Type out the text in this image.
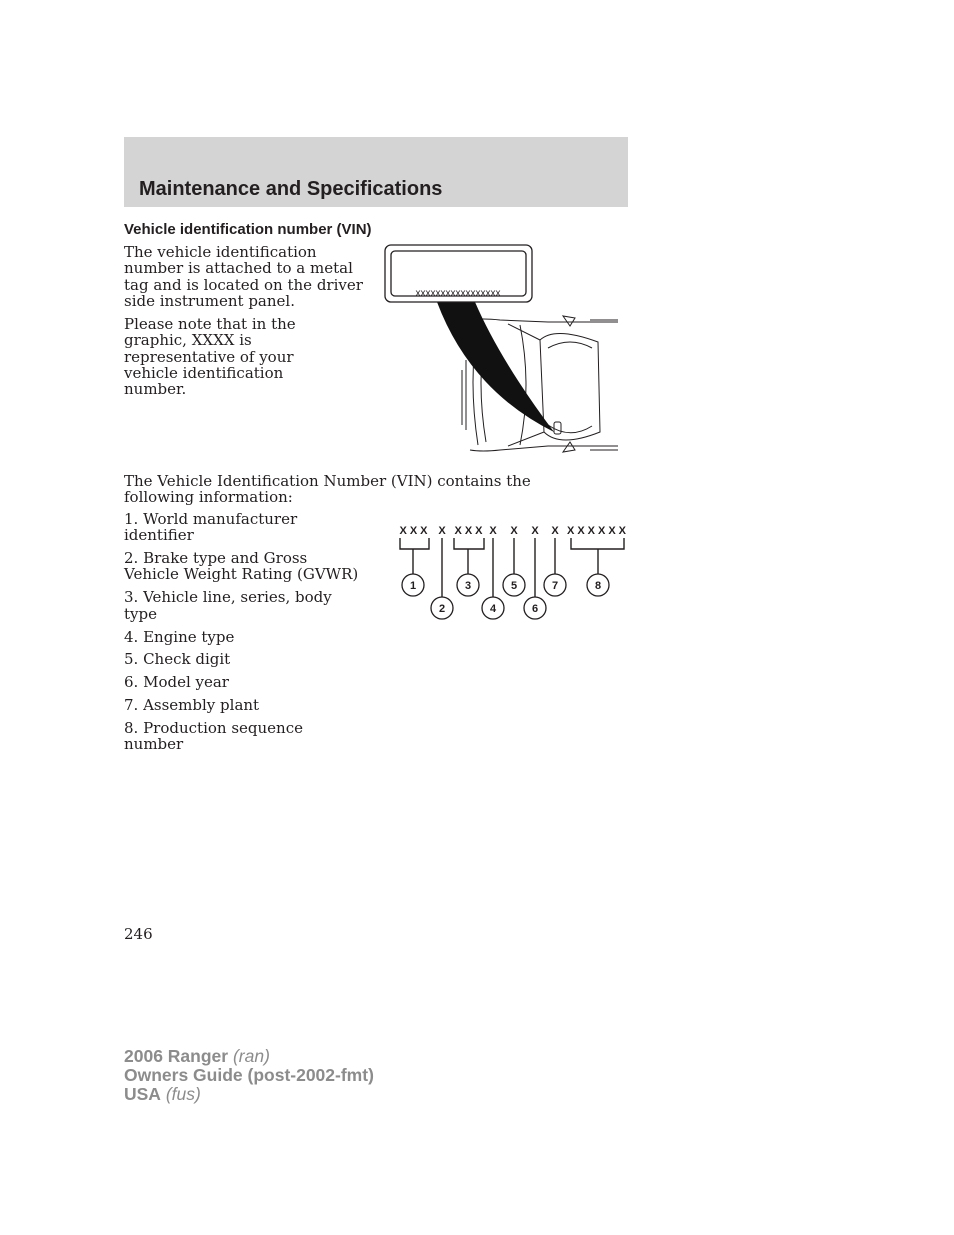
Maintenance and Specifications
Vehicle identification number (VIN)

The vehicle identification number is attached to a metal tag and is located on the driver side instrument panel.

Please note that in the graphic, XXXX is representative of your vehicle identification number.

xxxxxxxxxxxxxxxxx

The Vehicle Identification Number (VIN) contains the following information:

1. World manufacturer identifier
2. Brake type and Gross Vehicle Weight Rating (GVWR)
3. Vehicle line, series, body type
4. Engine type
5. Check digit
6. Model year
7. Assembly plant
8. Production sequence number
XXX X XXX X X X X XXXXXX
1
2
3
4
5
6
7	8
246
2006 Ranger (ran)
Owners Guide (post-2002-fmt)
USA (fus)
